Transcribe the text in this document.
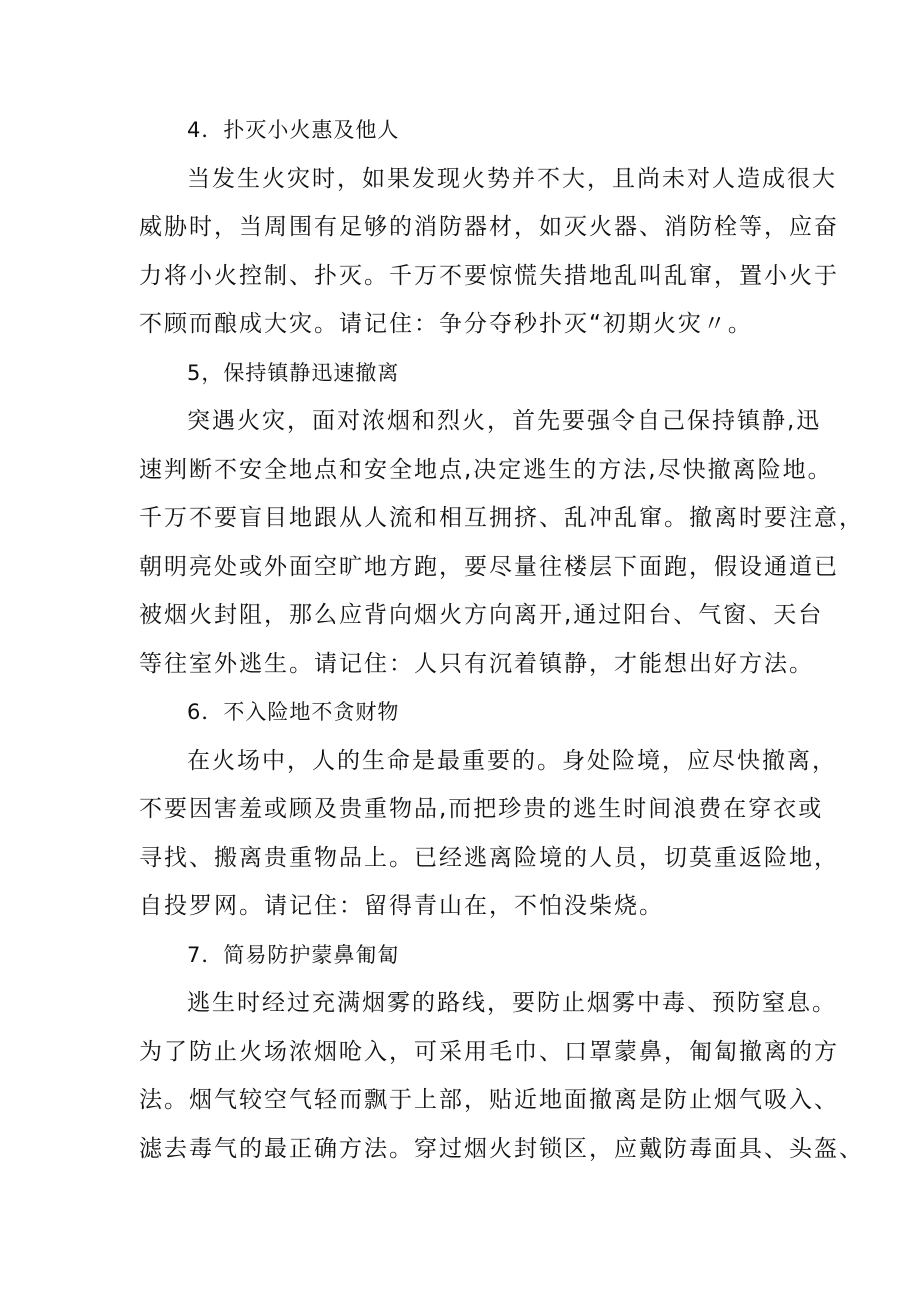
4．扑灭小火惠及他人
当发生火灾时，如果发现火势并不大，且尚未对人造成很大
威胁时，当周围有足够的消防器材，如灭火器、消防栓等，应奋
力将小火控制、扑灭。千万不要惊慌失措地乱叫乱窜，置小火于
不顾而酿成大灾。请记住：争分夺秒扑灭“初期火灾〃。
5，保持镇静迅速撤离
突遇火灾，面对浓烟和烈火，首先要强令自己保持镇静,迅
速判断不安全地点和安全地点,决定逃生的方法,尽快撤离险地。
千万不要盲目地跟从人流和相互拥挤、乱冲乱窜。撤离时要注意，
朝明亮处或外面空旷地方跑，要尽量往楼层下面跑，假设通道已
被烟火封阻，那么应背向烟火方向离开,通过阳台、气窗、天台
等往室外逃生。请记住：人只有沉着镇静，才能想出好方法。
6．不入险地不贪财物
在火场中，人的生命是最重要的。身处险境，应尽快撤离，
不要因害羞或顾及贵重物品,而把珍贵的逃生时间浪费在穿衣或
寻找、搬离贵重物品上。已经逃离险境的人员，切莫重返险地，
自投罗网。请记住：留得青山在，不怕没柴烧。
7．简易防护蒙鼻匍匐
逃生时经过充满烟雾的路线，要防止烟雾中毒、预防窒息。
为了防止火场浓烟呛入，可采用毛巾、口罩蒙鼻，匍匐撤离的方
法。烟气较空气轻而飘于上部，贴近地面撤离是防止烟气吸入、
滤去毒气的最正确方法。穿过烟火封锁区，应戴防毒面具、头盔、
